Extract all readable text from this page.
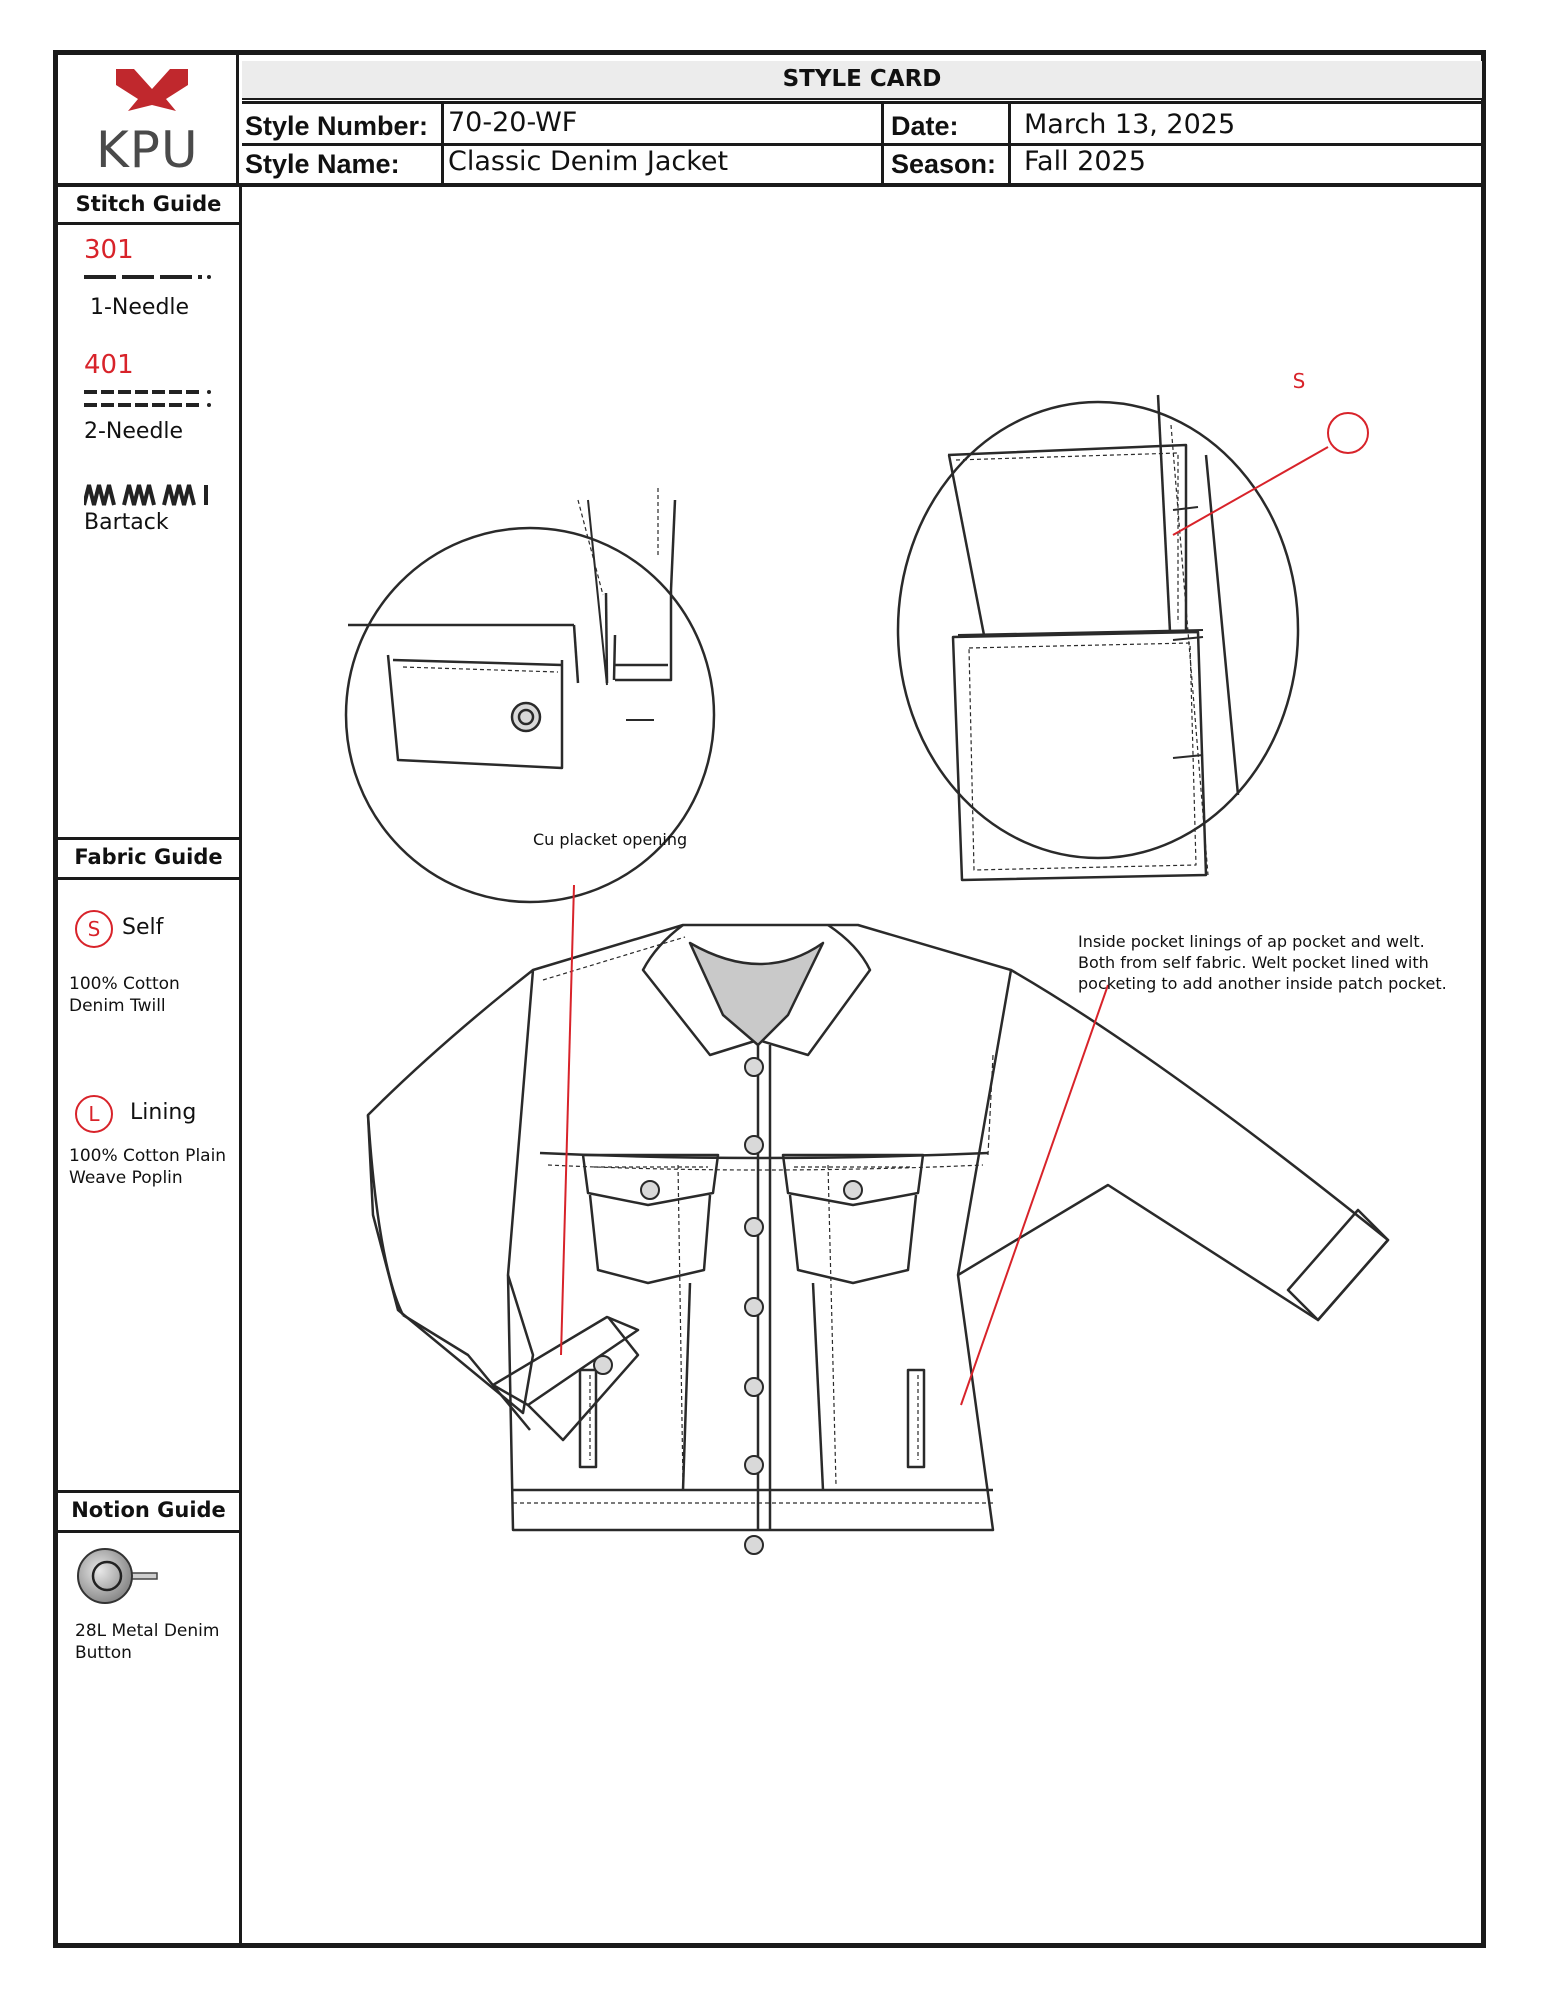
KPU
STYLE CARD
Style Number: 70-20-WF
Style Name: Classic Denim Jacket
Date: March 13, 2025
Season: Fall 2025
Stitch Guide
301
1-Needle
401
2-Needle
Bartack
Fabric Guide
S Self
100% Cotton Denim Twill
L	Lining
100% Cotton Plain Weave Poplin
Notion Guide
28L Metal Denim Button
S
Cu placket opening
Inside pocket linings of ap pocket and welt.
Both from self fabric. Welt pocket lined with
pocketing to add another inside patch pocket.
